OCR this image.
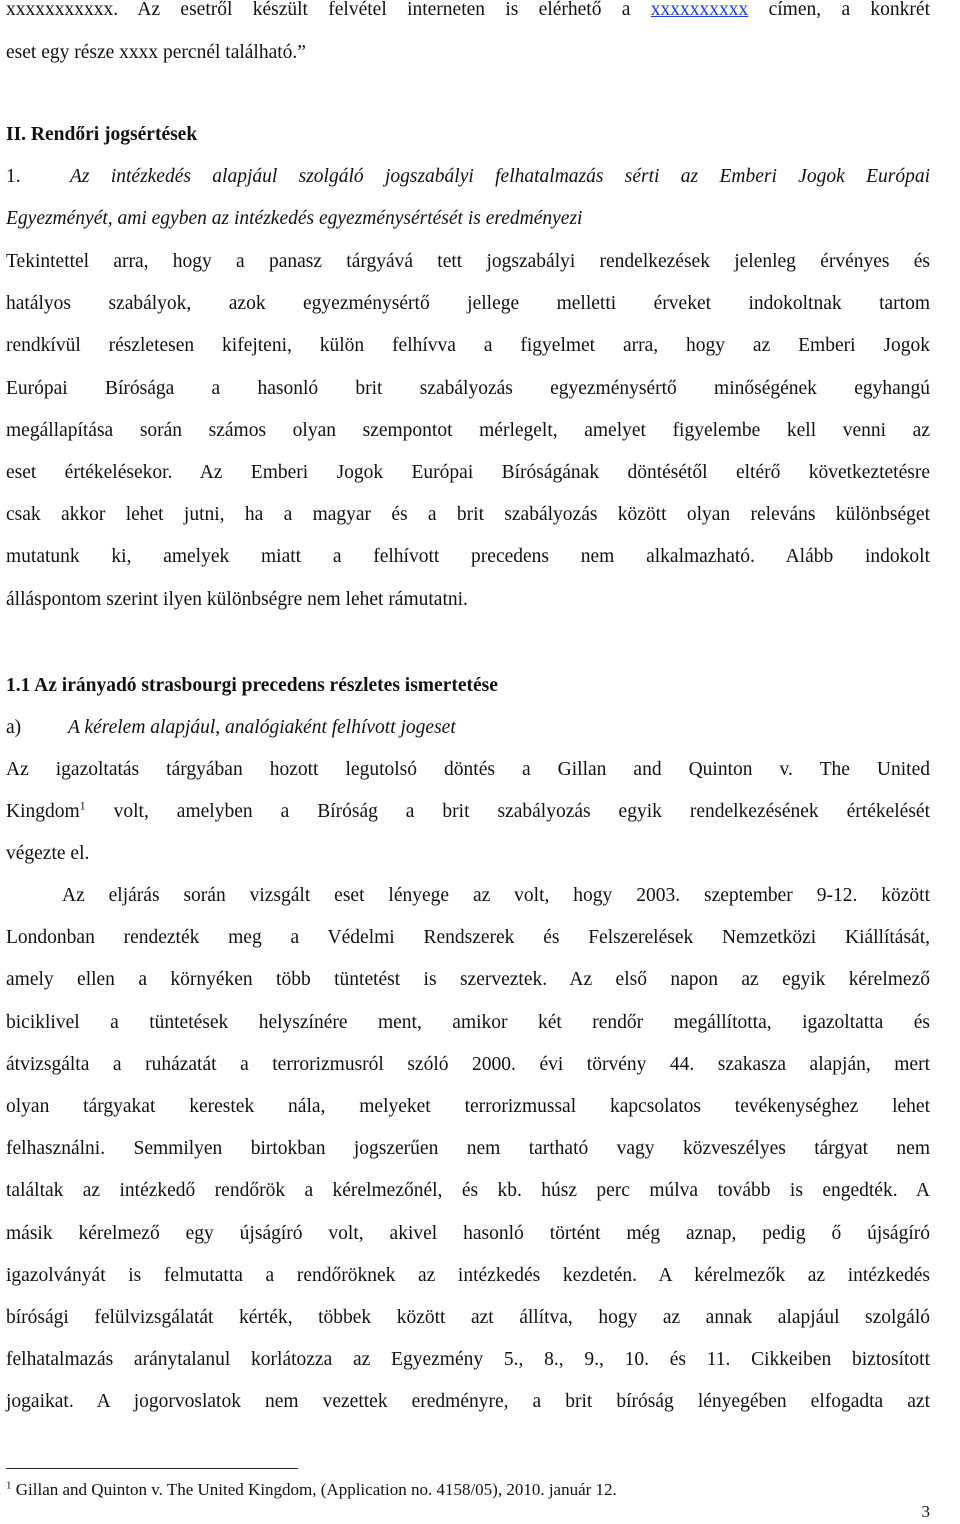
xxxxxxxxxxx. Az esetről készült felvétel interneten is elérhető a xxxxxxxxxx címen, a konkrét
eset egy része xxxx percnél található.”
II. Rendőri jogsértések
1.	Az intézkedés alapjául szolgáló jogszabályi felhatalmazás sérti az Emberi Jogok Európai
Egyezményét, ami egyben az intézkedés egyezménysértését is eredményezi
Tekintettel arra, hogy a panasz tárgyává tett jogszabályi rendelkezések jelenleg érvényes és
hatályos szabályok, azok egyezménysértő jellege melletti érveket indokoltnak tartom
rendkívül részletesen kifejteni, külön felhívva a figyelmet arra, hogy az Emberi Jogok
Európai Bírósága a hasonló brit szabályozás egyezménysértő minőségének egyhangú
megállapítása során számos olyan szempontot mérlegelt, amelyet figyelembe kell venni az
eset értékelésekor. Az Emberi Jogok Európai Bíróságának döntésétől eltérő következtetésre
csak akkor lehet jutni, ha a magyar és a brit szabályozás között olyan releváns különbséget
mutatunk ki, amelyek miatt a felhívott precedens nem alkalmazható. Alább indokolt
álláspontom szerint ilyen különbségre nem lehet rámutatni.
1.1 Az irányadó strasbourgi precedens részletes ismertetése
a) A kérelem alapjául, analógiaként felhívott jogeset
Az igazoltatás tárgyában hozott legutolsó döntés a Gillan and Quinton v. The United
Kingdom$^1$ volt, amelyben a Bíróság a brit szabályozás egyik rendelkezésének értékelését
végezte el.
Az eljárás során vizsgált eset lényege az volt, hogy 2003. szeptember 9-12. között
Londonban rendezték meg a Védelmi Rendszerek és Felszerelések Nemzetközi Kiállítását,
amely ellen a környéken több tüntetést is szerveztek. Az első napon az egyik kérelmező
biciklivel a tüntetések helyszínére ment, amikor két rendőr megállította, igazoltatta és
átvizsgálta a ruházatát a terrorizmusról szóló 2000. évi törvény 44. szakasza alapján, mert
olyan tárgyakat kerestek nála, melyeket terrorizmussal kapcsolatos tevékenységhez lehet
felhasználni. Semmilyen birtokban jogszerűen nem tartható vagy közveszélyes tárgyat nem
találtak az intézkedő rendőrök a kérelmezőnél, és kb. húsz perc múlva tovább is engedték. A
másik kérelmező egy újságíró volt, akivel hasonló történt még aznap, pedig ő újságíró
igazolványát is felmutatta a rendőröknek az intézkedés kezdetén. A kérelmezők az intézkedés
bírósági felülvizsgálatát kérték, többek között azt állítva, hogy az annak alapjául szolgáló
felhatalmazás aránytalanul korlátozza az Egyezmény 5., 8., 9., 10. és 11. Cikkeiben biztosított
jogaikat. A jogorvoslatok nem vezettek eredményre, a brit bíróság lényegében elfogadta azt
$^1$ Gillan and Quinton v. The United Kingdom, (Application no. 4158/05), 2010. január 12.
3
